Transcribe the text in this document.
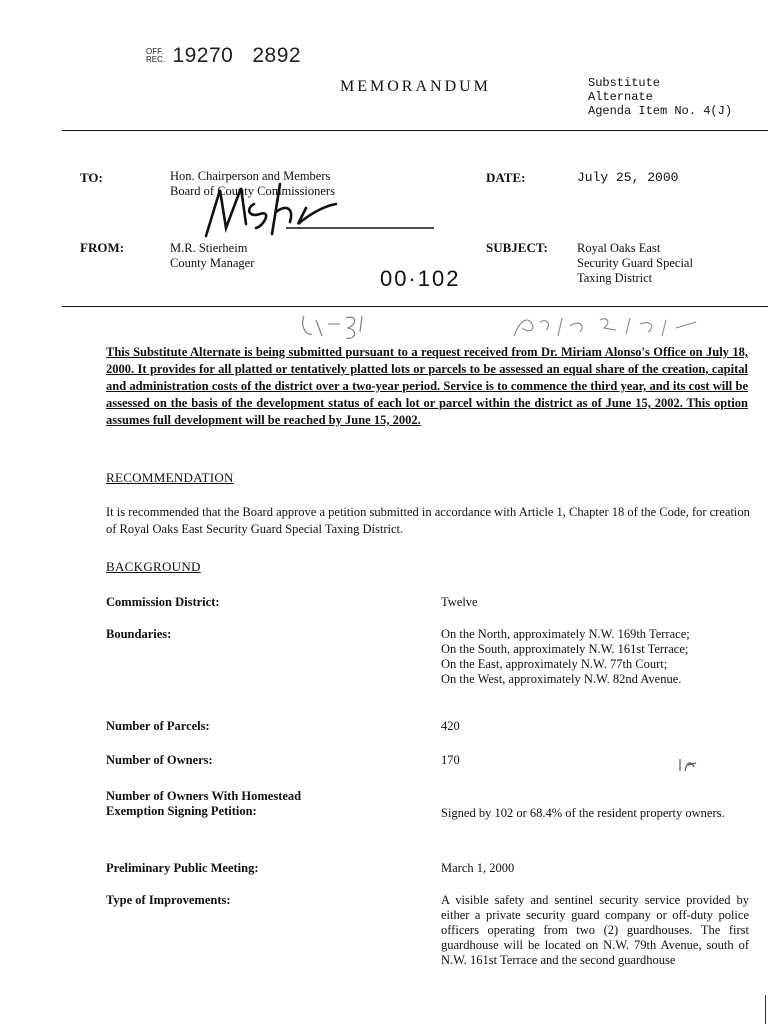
OFF.
REC. 19270   2892
MEMORANDUM	Substitute
Alternate
Agenda Item No. 4(J)
TO:	Hon. Chairperson and Members
Board of County Commissioners
DATE:	July 25, 2000
FROM:	M.R. Stierheim
County Manager
SUBJECT: Royal Oaks East
Security Guard Special
Taxing District
00·102
This Substitute Alternate is being submitted pursuant to a request received from Dr. Miriam Alonso's Office on July 18, 2000. It provides for all platted or tentatively platted lots or parcels to be assessed an equal share of the creation, capital and administration costs of the district over a two-year period. Service is to commence the third year, and its cost will be assessed on the basis of the development status of each lot or parcel within the district as of June 15, 2002. This option assumes full development will be reached by June 15, 2002.
RECOMMENDATION
It is recommended that the Board approve a petition submitted in accordance with Article 1, Chapter 18 of the Code, for creation of Royal Oaks East Security Guard Special Taxing District.
BACKGROUND
Commission District:	Twelve
Boundaries:	On the North, approximately N.W. 169th Terrace;
On the South, approximately N.W. 161st Terrace;
On the East, approximately N.W. 77th Court;
On the West, approximately N.W. 82nd Avenue.
Number of Parcels:	420
Number of Owners:	170
Number of Owners With Homestead
Exemption Signing Petition:	Signed by 102 or 68.4% of the resident property owners.
Preliminary Public Meeting:	March 1, 2000
Type of Improvements:	A visible safety and sentinel security service provided by either a private security guard company or off-duty police officers operating from two (2) guardhouses. The first guardhouse will be located on N.W. 79th Avenue, south of N.W. 161st Terrace and the second guardhouse
